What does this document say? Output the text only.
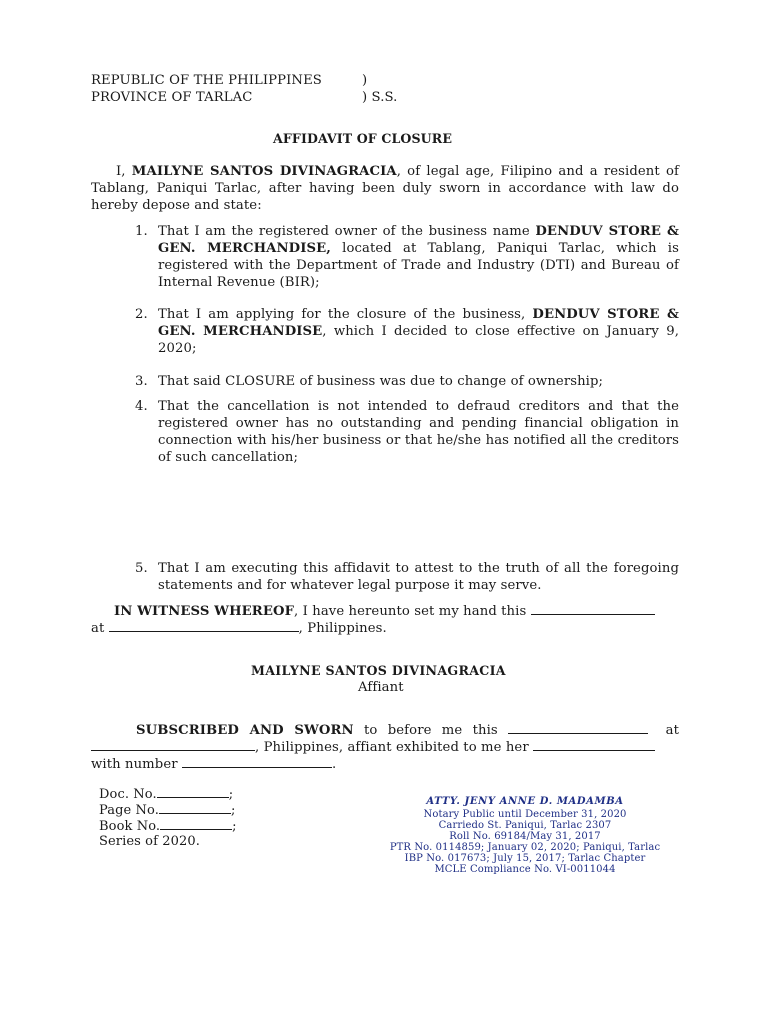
REPUBLIC OF THE PHILIPPINES	)
PROVINCE OF TARLAC	) S.S.
AFFIDAVIT OF CLOSURE
I, MAILYNE SANTOS DIVINAGRACIA, of legal age, Filipino and a resident of Tablang, Paniqui Tarlac, after having been duly sworn in accordance with law do hereby depose and state:
1. That I am the registered owner of the business name DENDUV STORE & GEN. MERCHANDISE, located at Tablang, Paniqui Tarlac, which is registered with the Department of Trade and Industry (DTI) and Bureau of Internal Revenue (BIR);
2. That I am applying for the closure of the business, DENDUV STORE & GEN. MERCHANDISE, which I decided to close effective on January 9, 2020;
3. That said CLOSURE of business was due to change of ownership;
4. That the cancellation is not intended to defraud creditors and that the registered owner has no outstanding and pending financial obligation in connection with his/her business or that he/she has notified all the creditors of such cancellation;
5. That I am executing this affidavit to attest to the truth of all the foregoing statements and for whatever legal purpose it may serve.
IN WITNESS WHEREOF, I have hereunto set my hand this
at	, Philippines.
MAILYNE SANTOS DIVINAGRACIA
Affiant
SUBSCRIBED AND SWORN to before me this	at
, Philippines, affiant exhibited to me her
with number	.
Doc. No.	;
Page No.	;
Book No.	;
Series of 2020.
ATTY. JENY ANNE D. MADAMBA
Notary Public until December 31, 2020
Carriedo St. Paniqui, Tarlac 2307
Roll No. 69184/May 31, 2017
PTR No. 0114859; January 02, 2020; Paniqui, Tarlac
IBP No. 017673; July 15, 2017; Tarlac Chapter
MCLE Compliance No. VI-0011044
